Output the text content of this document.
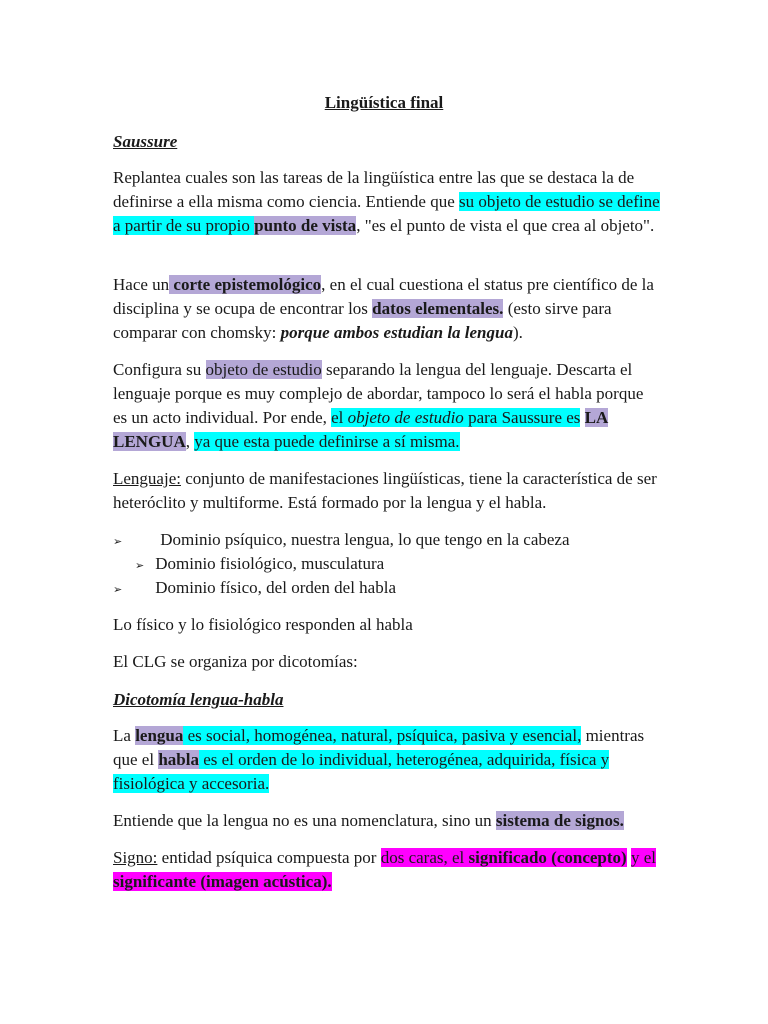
Lingüística final
Saussure

Replantea cuales son las tareas de la lingüística entre las que se destaca la de definirse a ella misma como ciencia. Entiende que su objeto de estudio se define a partir de su propio punto de vista, "es el punto de vista el que crea al objeto".

Hace un corte epistemológico, en el cual cuestiona el status pre científico de la disciplina y se ocupa de encontrar los datos elementales. (esto sirve para comparar con chomsky: porque ambos estudian la lengua).

Configura su objeto de estudio separando la lengua del lenguaje. Descarta el lenguaje porque es muy complejo de abordar, tampoco lo será el habla porque es un acto individual. Por ende, el objeto de estudio para Saussure es LA LENGUA, ya que esta puede definirse a sí misma.

Lenguaje: conjunto de manifestaciones lingüísticas, tiene la característica de ser heteróclito y multiforme. Está formado por la lengua y el habla.

➢ Dominio psíquico, nuestra lengua, lo que tengo en la cabeza
➢ Dominio fisiológico, musculatura
➢ Dominio físico, del orden del habla

Lo físico y lo fisiológico responden al habla

El CLG se organiza por dicotomías:

Dicotomía lengua-habla

La lengua es social, homogénea, natural, psíquica, pasiva y esencial, mientras que el habla es el orden de lo individual, heterogénea, adquirida, física y fisiológica y accesoria.

Entiende que la lengua no es una nomenclatura, sino un sistema de signos.

Signo: entidad psíquica compuesta por dos caras, el significado (concepto) y el significante (imagen acústica).
